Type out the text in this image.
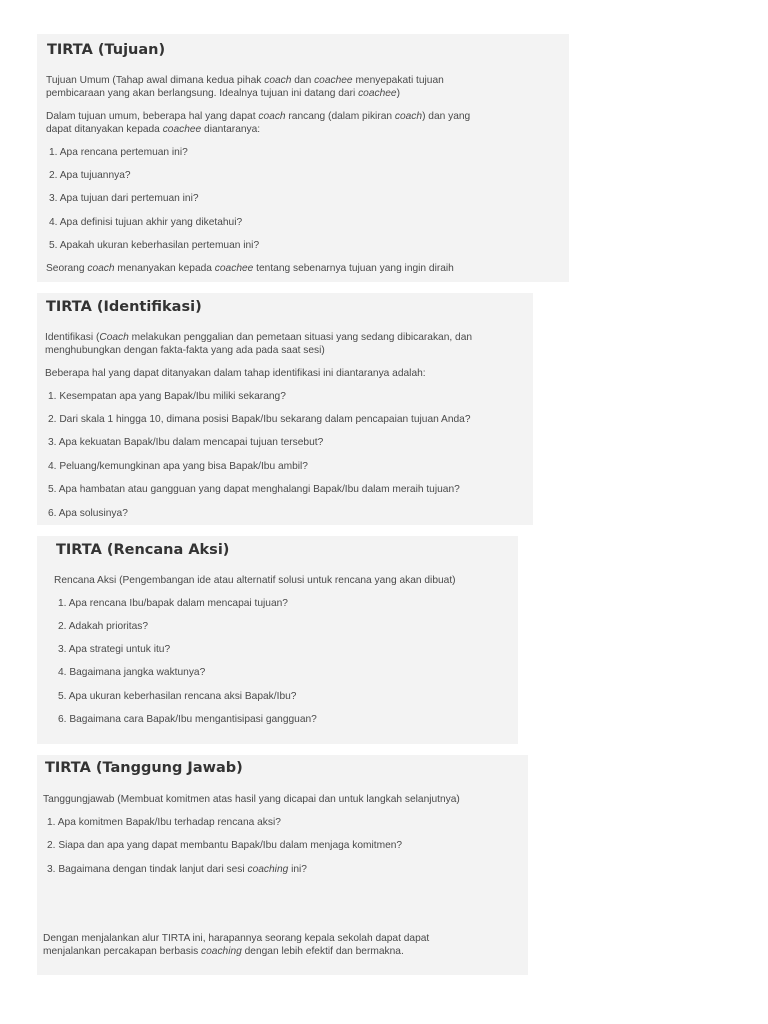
TIRTA (Tujuan)
Tujuan Umum (Tahap awal dimana kedua pihak coach dan coachee menyepakati tujuan
pembicaraan yang akan berlangsung. Idealnya tujuan ini datang dari coachee)
Dalam tujuan umum, beberapa hal yang dapat coach rancang (dalam pikiran coach) dan yang
dapat ditanyakan kepada coachee diantaranya:
1. Apa rencana pertemuan ini?
2. Apa tujuannya?
3. Apa tujuan dari pertemuan ini?
4. Apa definisi tujuan akhir yang diketahui?
5. Apakah ukuran keberhasilan pertemuan ini?
Seorang coach menanyakan kepada coachee tentang sebenarnya tujuan yang ingin diraih
TIRTA (Identifikasi)
Identifikasi (Coach melakukan penggalian dan pemetaan situasi yang sedang dibicarakan, dan
menghubungkan dengan fakta-fakta yang ada pada saat sesi)
Beberapa hal yang dapat ditanyakan dalam tahap identifikasi ini diantaranya adalah:
1. Kesempatan apa yang Bapak/Ibu miliki sekarang?
2. Dari skala 1 hingga 10, dimana posisi Bapak/Ibu sekarang dalam pencapaian tujuan Anda?
3. Apa kekuatan Bapak/Ibu dalam mencapai tujuan tersebut?
4. Peluang/kemungkinan apa yang bisa Bapak/Ibu ambil?
5. Apa hambatan atau gangguan yang dapat menghalangi Bapak/Ibu dalam meraih tujuan?
6. Apa solusinya?
TIRTA (Rencana Aksi)
Rencana Aksi (Pengembangan ide atau alternatif solusi untuk rencana yang akan dibuat)
1. Apa rencana Ibu/bapak dalam mencapai tujuan?
2. Adakah prioritas?
3. Apa strategi untuk itu?
4. Bagaimana jangka waktunya?
5. Apa ukuran keberhasilan rencana aksi Bapak/Ibu?
6. Bagaimana cara Bapak/Ibu mengantisipasi gangguan?
TIRTA (Tanggung Jawab)
Tanggungjawab (Membuat komitmen atas hasil yang dicapai dan untuk langkah selanjutnya)
1. Apa komitmen Bapak/Ibu terhadap rencana aksi?
2. Siapa dan apa yang dapat membantu Bapak/Ibu dalam menjaga komitmen?
3. Bagaimana dengan tindak lanjut dari sesi coaching ini?
Dengan menjalankan alur TIRTA ini, harapannya seorang kepala sekolah dapat dapat
menjalankan percakapan berbasis coaching dengan lebih efektif dan bermakna.
